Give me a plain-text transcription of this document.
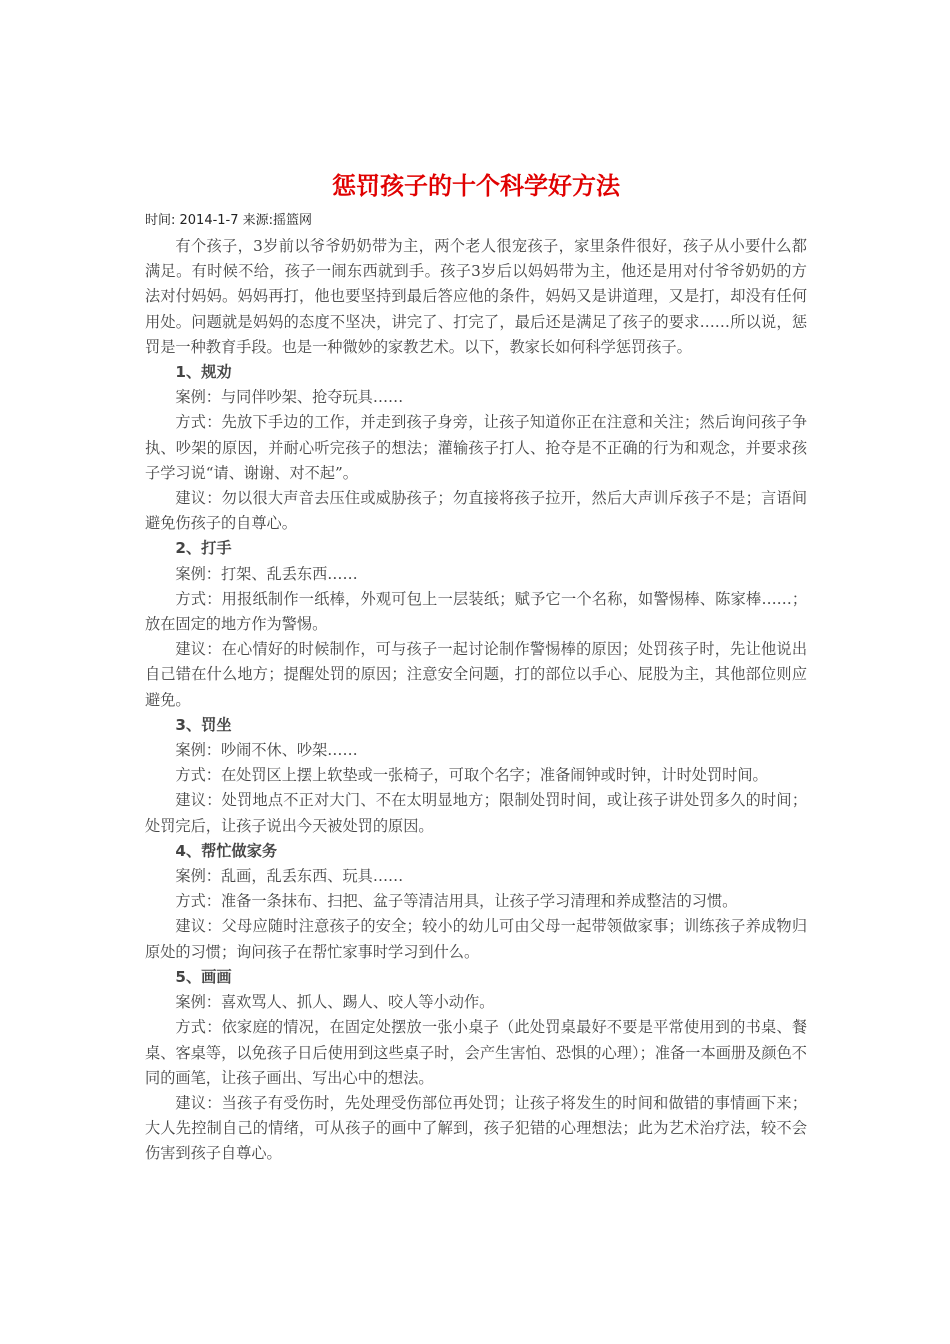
惩罚孩子的十个科学好方法
时间: 2014-1-7 来源:摇篮网

有个孩子，3岁前以爷爷奶奶带为主，两个老人很宠孩子，家里条件很好，孩子从小要什么都满足。有时候不给，孩子一闹东西就到手。孩子3岁后以妈妈带为主，他还是用对付爷爷奶奶的方法对付妈妈。妈妈再打，他也要坚持到最后答应他的条件，妈妈又是讲道理，又是打，却没有任何用处。问题就是妈妈的态度不坚决，讲完了、打完了，最后还是满足了孩子的要求……所以说，惩罚是一种教育手段。也是一种微妙的家教艺术。以下，教家长如何科学惩罚孩子。

1、规劝

案例：与同伴吵架、抢夺玩具……

方式：先放下手边的工作，并走到孩子身旁，让孩子知道你正在注意和关注；然后询问孩子争执、吵架的原因，并耐心听完孩子的想法；灌输孩子打人、抢夺是不正确的行为和观念，并要求孩子学习说“请、谢谢、对不起”。

建议：勿以很大声音去压住或威胁孩子；勿直接将孩子拉开，然后大声训斥孩子不是；言语间避免伤孩子的自尊心。

2、打手

案例：打架、乱丢东西……

方式：用报纸制作一纸棒，外观可包上一层装纸；赋予它一个名称，如警惕棒、陈家棒……；放在固定的地方作为警惕。

建议：在心情好的时候制作，可与孩子一起讨论制作警惕棒的原因；处罚孩子时，先让他说出自己错在什么地方；提醒处罚的原因；注意安全问题，打的部位以手心、屁股为主，其他部位则应避免。

3、罚坐

案例：吵闹不休、吵架……

方式：在处罚区上摆上软垫或一张椅子，可取个名字；准备闹钟或时钟，计时处罚时间。

建议：处罚地点不正对大门、不在太明显地方；限制处罚时间，或让孩子讲处罚多久的时间；处罚完后，让孩子说出今天被处罚的原因。

4、帮忙做家务

案例：乱画，乱丢东西、玩具……

方式：准备一条抹布、扫把、盆子等清洁用具，让孩子学习清理和养成整洁的习惯。

建议：父母应随时注意孩子的安全；较小的幼儿可由父母一起带领做家事；训练孩子养成物归原处的习惯；询问孩子在帮忙家事时学习到什么。

5、画画

案例：喜欢骂人、抓人、踢人、咬人等小动作。

方式：依家庭的情况，在固定处摆放一张小桌子（此处罚桌最好不要是平常使用到的书桌、餐桌、客桌等，以免孩子日后使用到这些桌子时，会产生害怕、恐惧的心理）；准备一本画册及颜色不同的画笔，让孩子画出、写出心中的想法。

建议：当孩子有受伤时，先处理受伤部位再处罚；让孩子将发生的时间和做错的事情画下来；大人先控制自己的情绪，可从孩子的画中了解到，孩子犯错的心理想法；此为艺术治疗法，较不会伤害到孩子自尊心。
